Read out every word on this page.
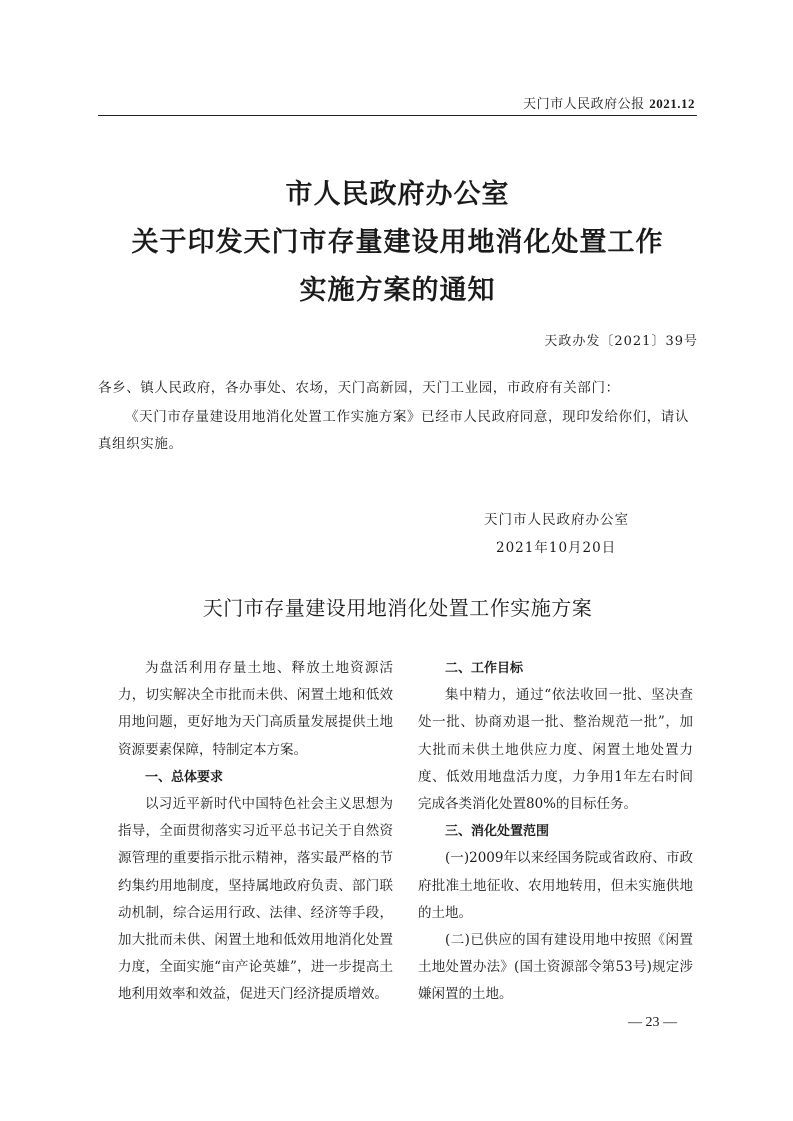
天门市人民政府公报 2021.12
市人民政府办公室
关于印发天门市存量建设用地消化处置工作
实施方案的通知
天政办发〔2021〕39号
各乡、镇人民政府，各办事处、农场，天门高新园，天门工业园，市政府有关部门：
《天门市存量建设用地消化处置工作实施方案》已经市人民政府同意，现印发给你们，请认真组织实施。
天门市人民政府办公室
2021年10月20日
天门市存量建设用地消化处置工作实施方案

为盘活利用存量土地、释放土地资源活力，切实解决全市批而未供、闲置土地和低效用地问题，更好地为天门高质量发展提供土地资源要素保障，特制定本方案。

一、总体要求

以习近平新时代中国特色社会主义思想为指导，全面贯彻落实习近平总书记关于自然资源管理的重要指示批示精神，落实最严格的节约集约用地制度，坚持属地政府负责、部门联动机制，综合运用行政、法律、经济等手段，加大批而未供、闲置土地和低效用地消化处置力度，全面实施“亩产论英雄”，进一步提高土地利用效率和效益，促进天门经济提质增效。

二、工作目标

集中精力，通过“依法收回一批、坚决查处一批、协商劝退一批、整治规范一批”，加大批而未供土地供应力度、闲置土地处置力度、低效用地盘活力度，力争用1年左右时间完成各类消化处置80%的目标任务。

三、消化处置范围

(一)2009年以来经国务院或省政府、市政府批准土地征收、农用地转用，但未实施供地的土地。

(二)已供应的国有建设用地中按照《闲置土地处置办法》(国土资源部令第53号)规定涉嫌闲置的土地。

— 23 —
